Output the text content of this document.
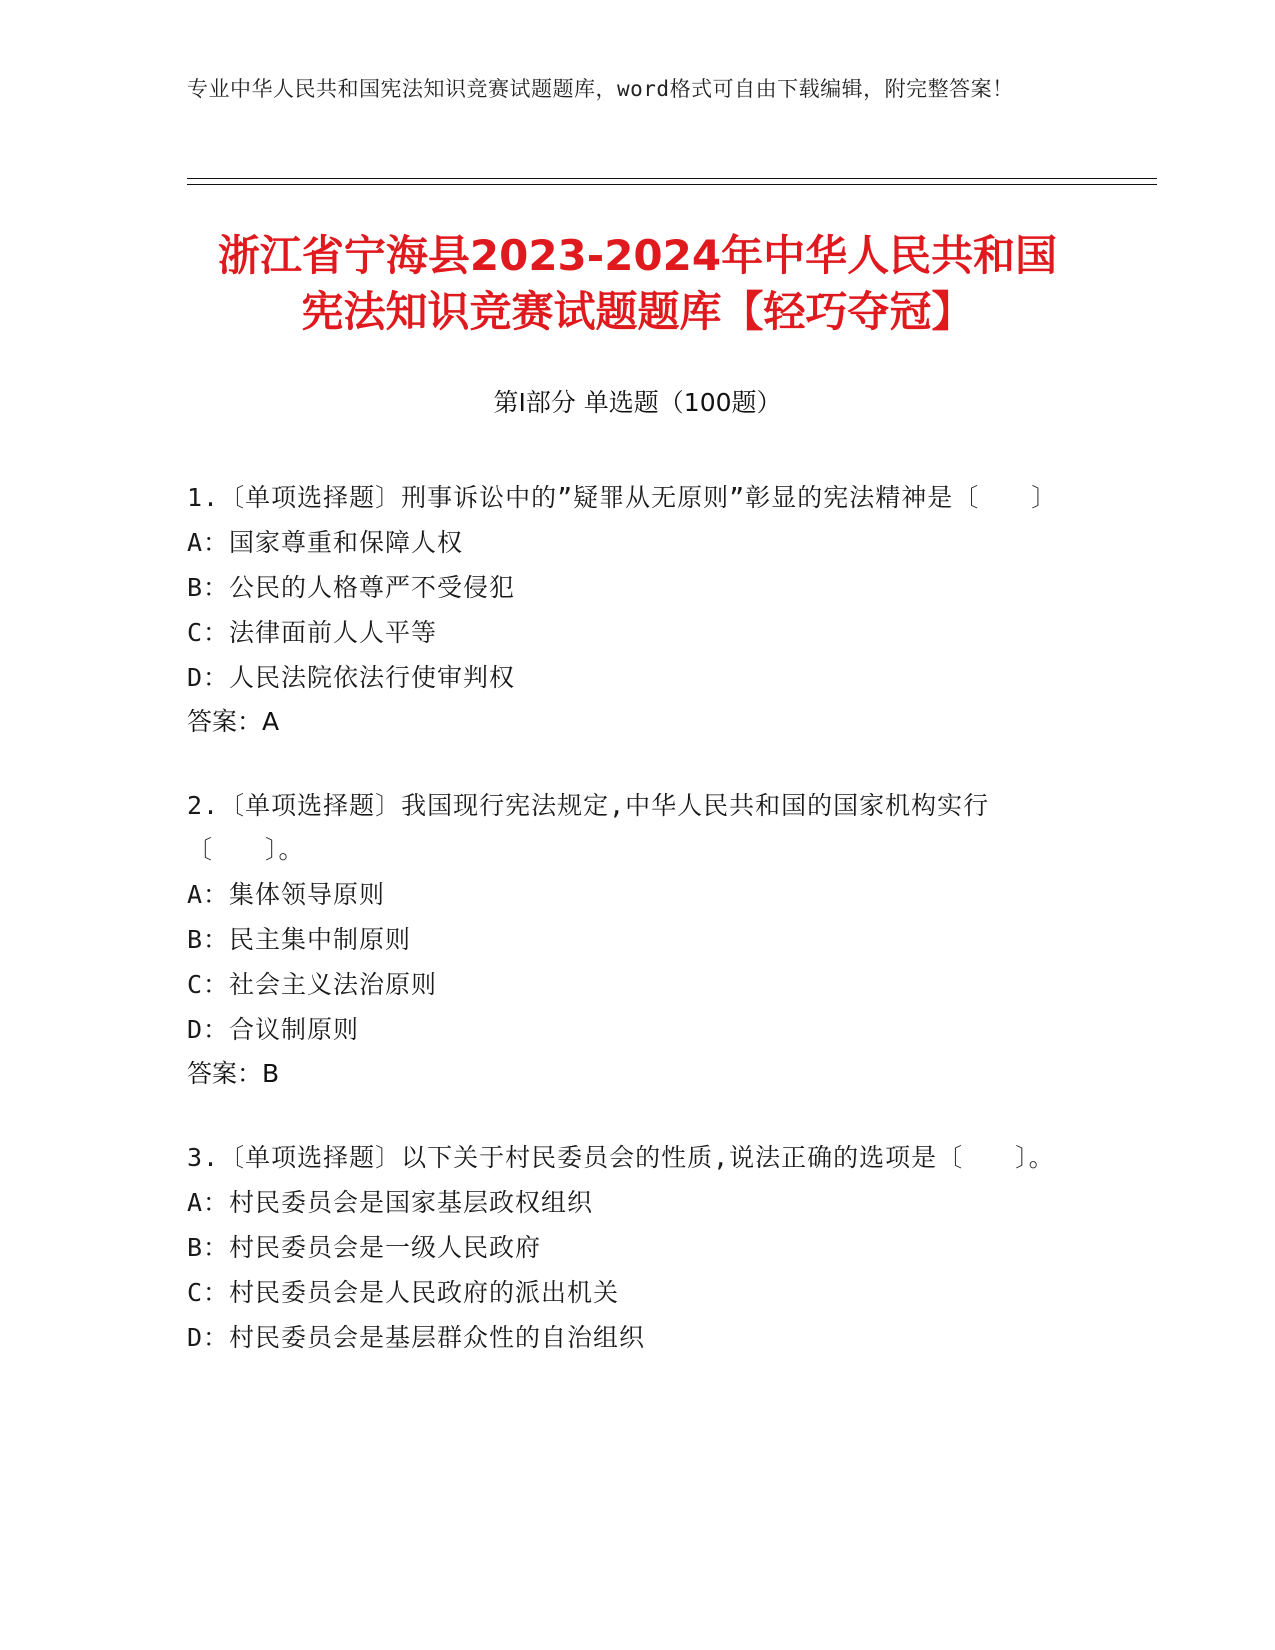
专业中华人民共和国宪法知识竞赛试题题库，word格式可自由下载编辑，附完整答案！
浙江省宁海县2023-2024年中华人民共和国
宪法知识竞赛试题题库【轻巧夺冠】
第I部分 单选题（100题）
1.〔单项选择题〕刑事诉讼中的”疑罪从无原则”彰显的宪法精神是〔　　〕
A：国家尊重和保障人权
B：公民的人格尊严不受侵犯
C：法律面前人人平等
D：人民法院依法行使审判权
答案：A
2.〔单项选择题〕我国现行宪法规定,中华人民共和国的国家机构实行〔　　〕。
A：集体领导原则
B：民主集中制原则
C：社会主义法治原则
D：合议制原则
答案：B
3.〔单项选择题〕以下关于村民委员会的性质,说法正确的选项是〔　　〕。
A：村民委员会是国家基层政权组织
B：村民委员会是一级人民政府
C：村民委员会是人民政府的派出机关
D：村民委员会是基层群众性的自治组织
